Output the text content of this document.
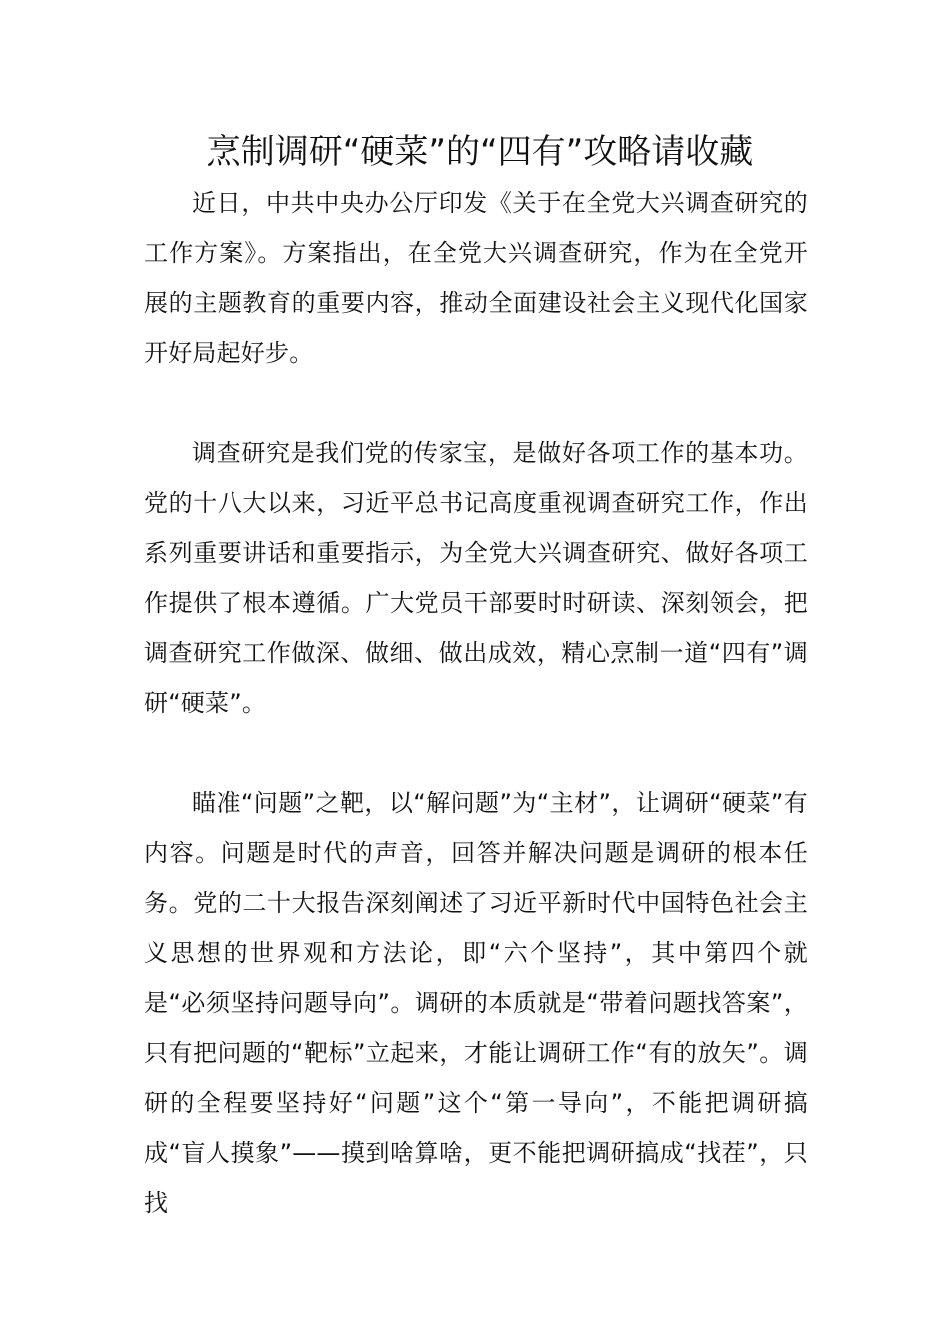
烹制调研“硬菜”的“四有”攻略请收藏

近日，中共中央办公厅印发《关于在全党大兴调查研究的工作方案》。方案指出，在全党大兴调查研究，作为在全党开展的主题教育的重要内容，推动全面建设社会主义现代化国家开好局起好步。

调查研究是我们党的传家宝，是做好各项工作的基本功。党的十八大以来，习近平总书记高度重视调查研究工作，作出系列重要讲话和重要指示，为全党大兴调查研究、做好各项工作提供了根本遵循。广大党员干部要时时研读、深刻领会，把调查研究工作做深、做细、做出成效，精心烹制一道“四有”调研“硬菜”。

瞄准“问题”之靶，以“解问题”为“主材”，让调研“硬菜”有内容。问题是时代的声音，回答并解决问题是调研的根本任务。党的二十大报告深刻阐述了习近平新时代中国特色社会主义思想的世界观和方法论，即“六个坚持”，其中第四个就是“必须坚持问题导向”。调研的本质就是“带着问题找答案”，只有把问题的“靶标”立起来，才能让调研工作“有的放矢”。调研的全程要坚持好“问题”这个“第一导向”，不能把调研搞成“盲人摸象”——摸到啥算啥，更不能把调研搞成“找茬”，只找
